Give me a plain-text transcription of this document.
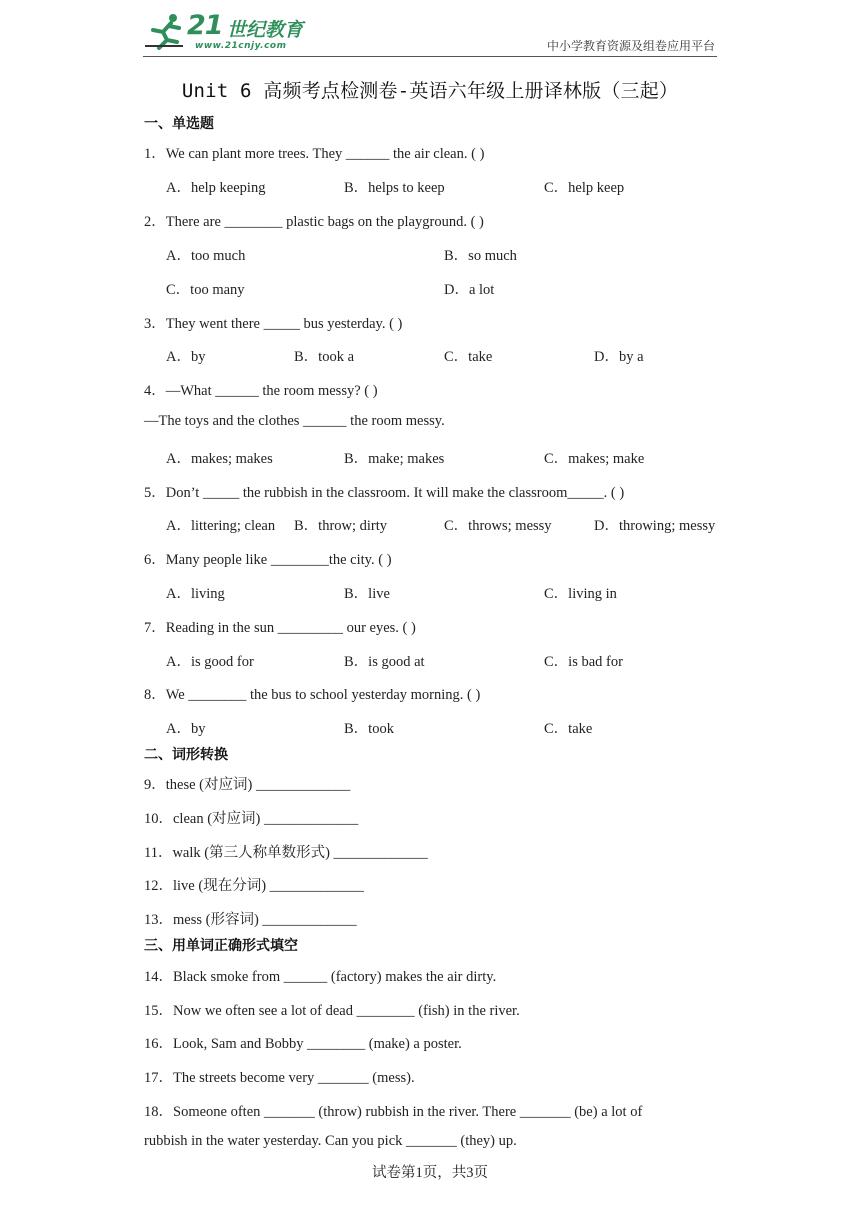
21 世纪教育
www.21cnjy.com	中小学教育资源及组卷应用平台
Unit 6 高频考点检测卷-英语六年级上册译林版（三起）
一、单选题
1．We can plant more trees. They ______ the air clean. ( )
A．help keeping	B．helps to keep	C．help keep
2．There are ________ plastic bags on the playground. ( )
A．too much	B．so much
C．too many	D．a lot
3．They went there _____ bus yesterday. ( )
A．by	B．took a	C．take	D．by a
4．—What ______ the room messy? ( )
—The toys and the clothes ______ the room messy.
A．makes; makes	B．make; makes	C．makes; make
5．Don’t _____ the rubbish in the classroom. It will make the classroom_____. ( )
A．littering; clean B．throw; dirty	C．throws; messy	D．throwing; messy
6．Many people like ________the city. ( )
A．living	B．live	C．living in
7．Reading in the sun _________ our eyes. ( )
A．is good for	B．is good at	C．is bad for
8．We ________ the bus to school yesterday morning. ( )
A．by	B．took	C．take
二、词形转换
9．these (对应词) _____________
10．clean (对应词) _____________
11．walk (第三人称单数形式) _____________
12．live (现在分词) _____________
13．mess (形容词) _____________
三、用单词正确形式填空
14．Black smoke from ______ (factory) makes the air dirty.
15．Now we often see a lot of dead ________ (fish) in the river.
16．Look, Sam and Bobby ________ (make) a poster.
17．The streets become very _______ (mess).
18．Someone often _______ (throw) rubbish in the river. There _______ (be) a lot of
rubbish in the water yesterday. Can you pick _______ (they) up.
试卷第1页，共3页
